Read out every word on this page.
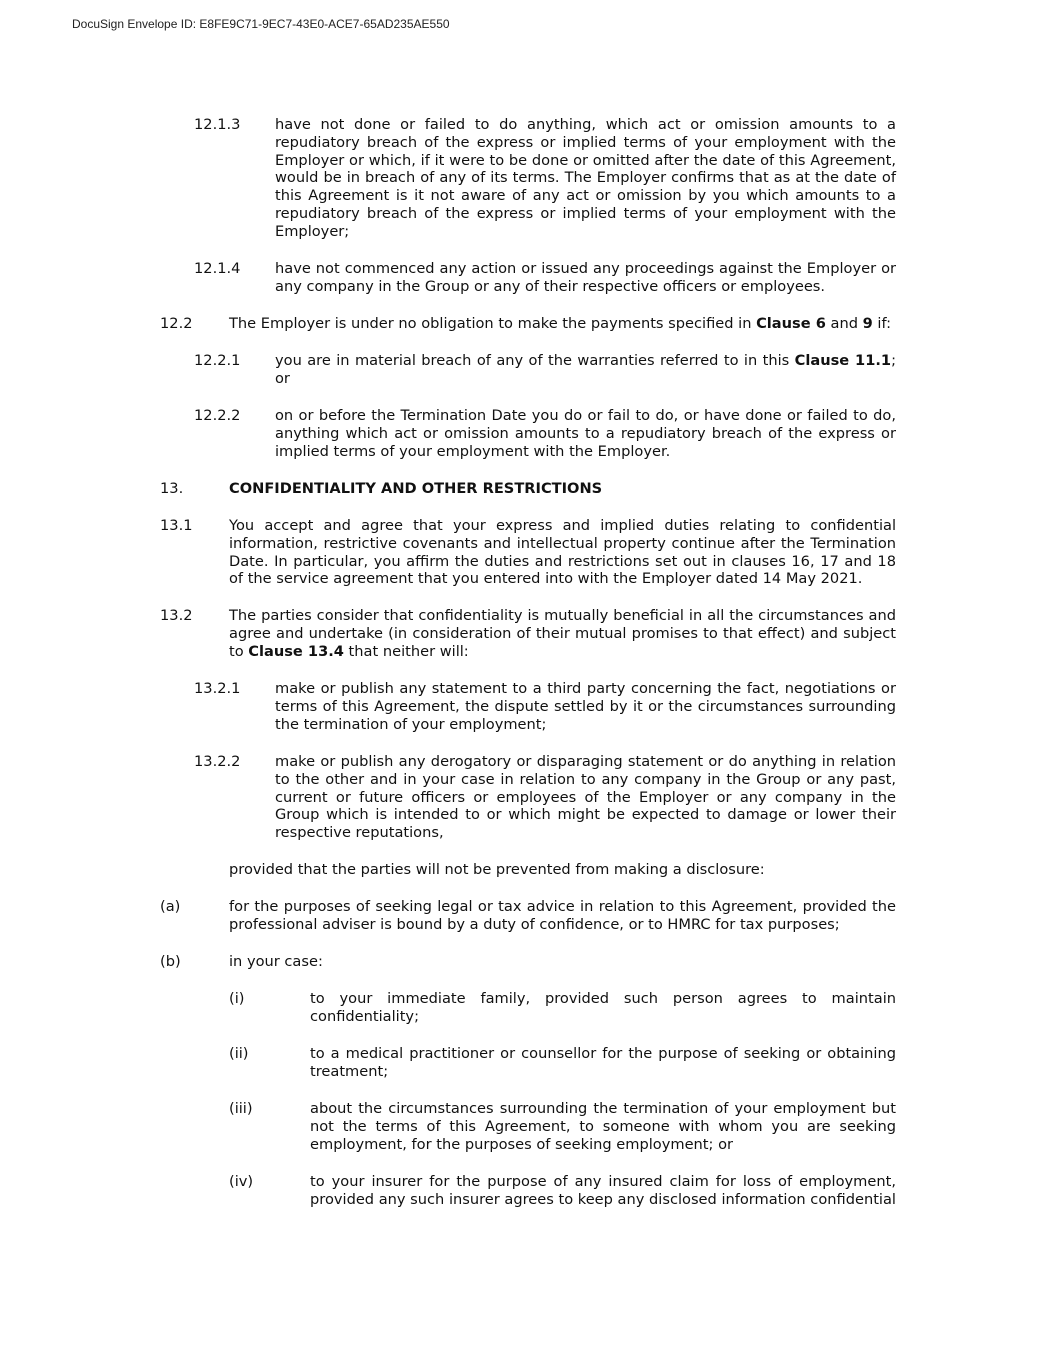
DocuSign Envelope ID: E8FE9C71-9EC7-43E0-ACE7-65AD235AE550
12.1.3 have not done or failed to do anything, which act or omission amounts to a repudiatory breach of the express or implied terms of your employment with the Employer or which, if it were to be done or omitted after the date of this Agreement, would be in breach of any of its terms. The Employer confirms that as at the date of this Agreement is it not aware of any act or omission by you which amounts to a repudiatory breach of the express or implied terms of your employment with the Employer;
12.1.4 have not commenced any action or issued any proceedings against the Employer or any company in the Group or any of their respective officers or employees.
12.2	The Employer is under no obligation to make the payments specified in Clause 6 and 9 if:
12.2.1 you are in material breach of any of the warranties referred to in this Clause 11.1; or
12.2.2 on or before the Termination Date you do or fail to do, or have done or failed to do, anything which act or omission amounts to a repudiatory breach of the express or implied terms of your employment with the Employer.
13.	CONFIDENTIALITY AND OTHER RESTRICTIONS
13.1	You accept and agree that your express and implied duties relating to confidential information, restrictive covenants and intellectual property continue after the Termination Date. In particular, you affirm the duties and restrictions set out in clauses 16, 17 and 18 of the service agreement that you entered into with the Employer dated 14 May 2021.
13.2	The parties consider that confidentiality is mutually beneficial in all the circumstances and agree and undertake (in consideration of their mutual promises to that effect) and subject to Clause 13.4 that neither will:
13.2.1 make or publish any statement to a third party concerning the fact, negotiations or terms of this Agreement, the dispute settled by it or the circumstances surrounding the termination of your employment;
13.2.2 make or publish any derogatory or disparaging statement or do anything in relation to the other and in your case in relation to any company in the Group or any past, current or future officers or employees of the Employer or any company in the Group which is intended to or which might be expected to damage or lower their respective reputations,
provided that the parties will not be prevented from making a disclosure:
(a)	for the purposes of seeking legal or tax advice in relation to this Agreement, provided the professional adviser is bound by a duty of confidence, or to HMRC for tax purposes;
(b)	in your case:
(i)	to your immediate family, provided such person agrees to maintain confidentiality;
(ii)	to a medical practitioner or counsellor for the purpose of seeking or obtaining treatment;
(iii)	about the circumstances surrounding the termination of your employment but not the terms of this Agreement, to someone with whom you are seeking employment, for the purposes of seeking employment; or
(iv)	to your insurer for the purpose of any insured claim for loss of employment, provided any such insurer agrees to keep any disclosed information confidential
